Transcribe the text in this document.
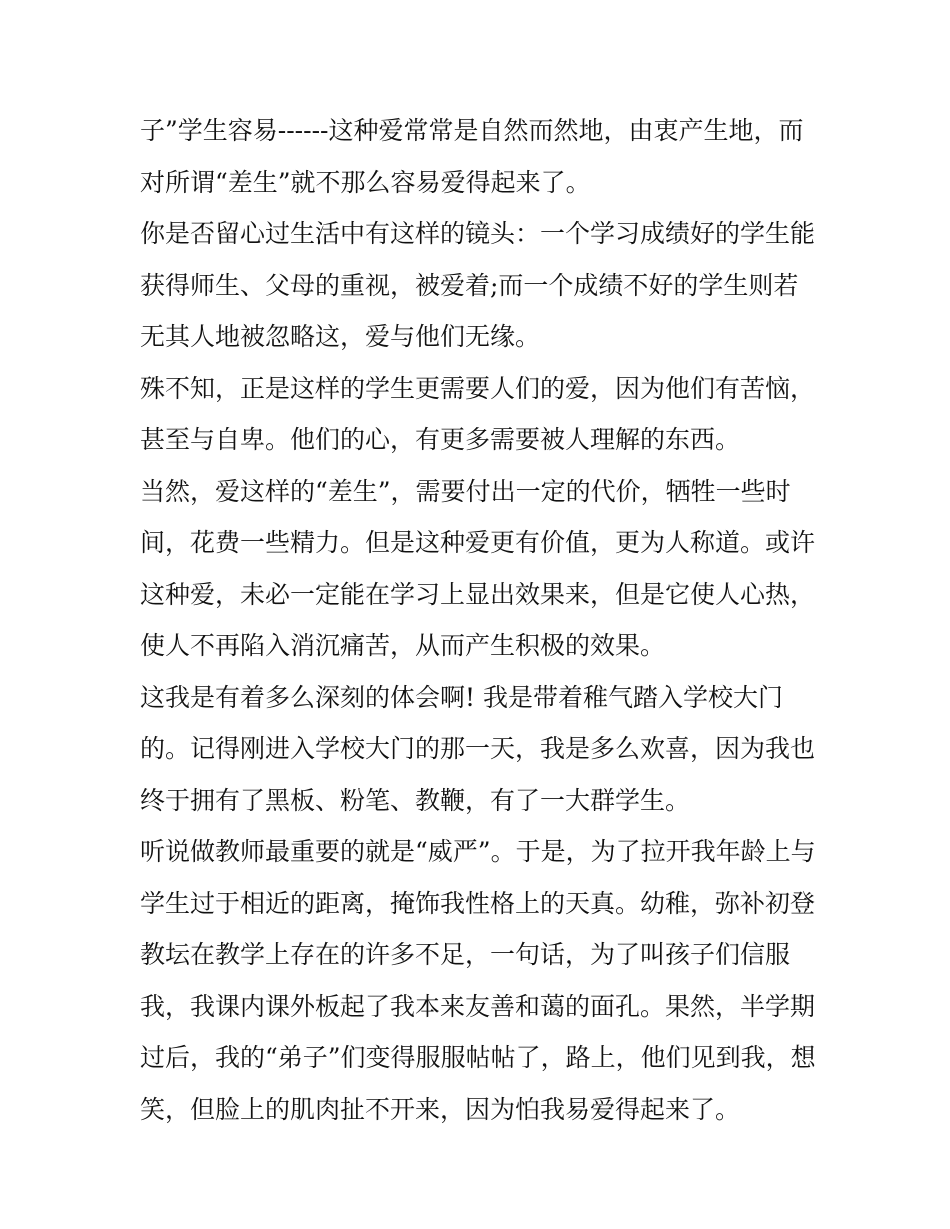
子”学生容易------这种爱常常是自然而然地，由衷产生地，而
对所谓“差生”就不那么容易爱得起来了。
你是否留心过生活中有这样的镜头：一个学习成绩好的学生能
获得师生、父母的重视，被爱着;而一个成绩不好的学生则若
无其人地被忽略这，爱与他们无缘。
殊不知，正是这样的学生更需要人们的爱，因为他们有苦恼，
甚至与自卑。他们的心，有更多需要被人理解的东西。
当然，爱这样的“差生”，需要付出一定的代价，牺牲一些时
间，花费一些精力。但是这种爱更有价值，更为人称道。或许
这种爱，未必一定能在学习上显出效果来，但是它使人心热，
使人不再陷入消沉痛苦，从而产生积极的效果。
这我是有着多么深刻的体会啊! 我是带着稚气踏入学校大门
的。记得刚进入学校大门的那一天，我是多么欢喜，因为我也
终于拥有了黑板、粉笔、教鞭，有了一大群学生。
听说做教师最重要的就是“威严”。于是，为了拉开我年龄上与
学生过于相近的距离，掩饰我性格上的天真。幼稚，弥补初登
教坛在教学上存在的许多不足，一句话，为了叫孩子们信服
我，我课内课外板起了我本来友善和蔼的面孔。果然，半学期
过后，我的“弟子”们变得服服帖帖了，路上，他们见到我，想
笑，但脸上的肌肉扯不开来，因为怕我易爱得起来了。
